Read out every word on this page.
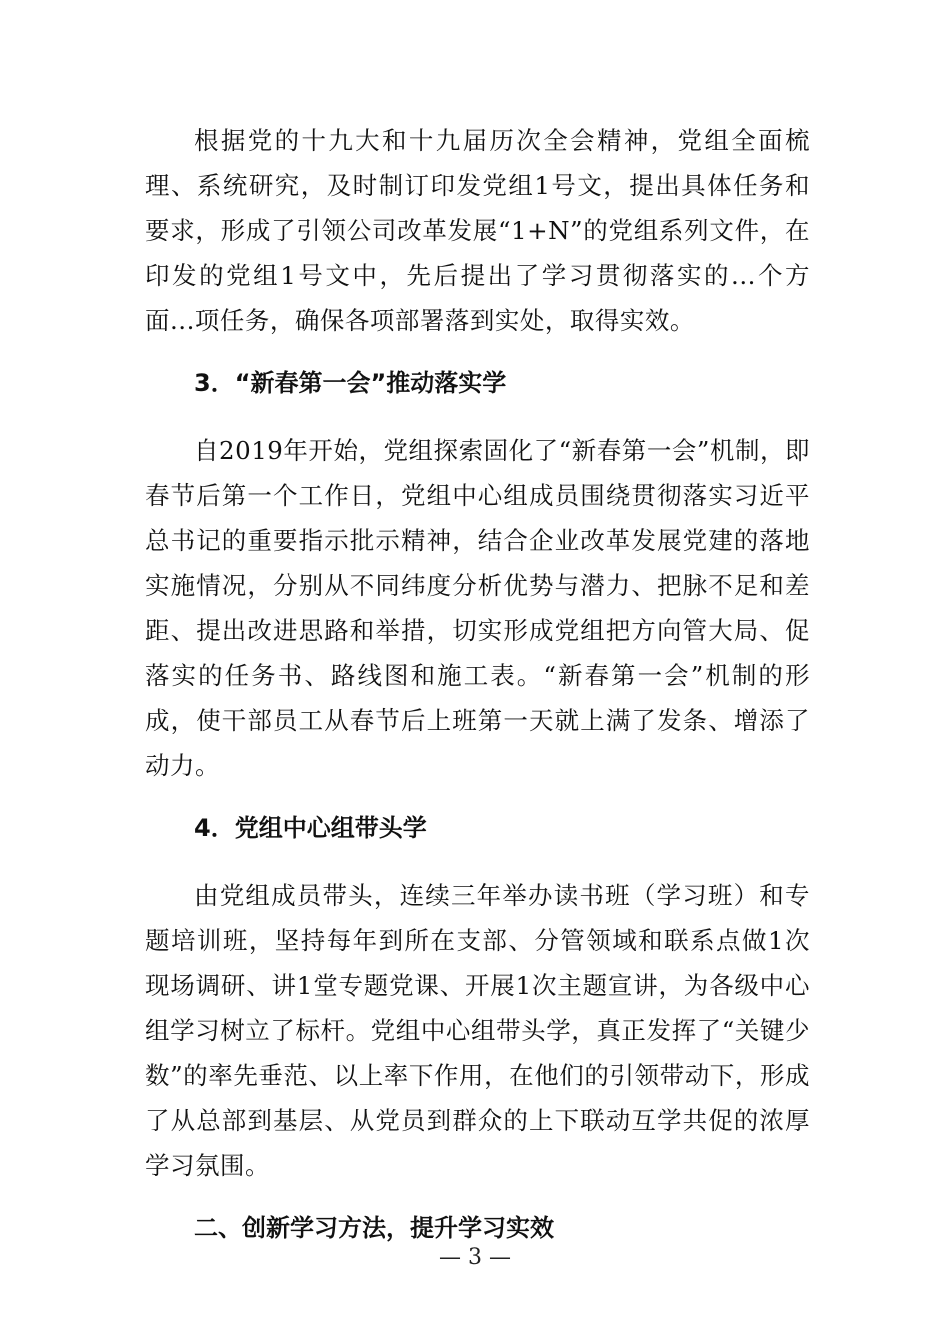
根据党的十九大和十九届历次全会精神，党组全面梳理、系统研究，及时制订印发党组1号文，提出具体任务和要求，形成了引领公司改革发展“1+N”的党组系列文件，在印发的党组1号文中，先后提出了学习贯彻落实的...个方面...项任务，确保各项部署落到实处，取得实效。

3．“新春第一会”推动落实学

自2019年开始，党组探索固化了“新春第一会”机制，即春节后第一个工作日，党组中心组成员围绕贯彻落实习近平总书记的重要指示批示精神，结合企业改革发展党建的落地实施情况，分别从不同纬度分析优势与潜力、把脉不足和差距、提出改进思路和举措，切实形成党组把方向管大局、促落实的任务书、路线图和施工表。“新春第一会”机制的形成，使干部员工从春节后上班第一天就上满了发条、增添了动力。

4．党组中心组带头学

由党组成员带头，连续三年举办读书班（学习班）和专题培训班，坚持每年到所在支部、分管领域和联系点做1次现场调研、讲1堂专题党课、开展1次主题宣讲，为各级中心组学习树立了标杆。党组中心组带头学，真正发挥了“关键少数”的率先垂范、以上率下作用，在他们的引领带动下，形成了从总部到基层、从党员到群众的上下联动互学共促的浓厚学习氛围。

二、创新学习方法，提升学习实效
— 3 —
